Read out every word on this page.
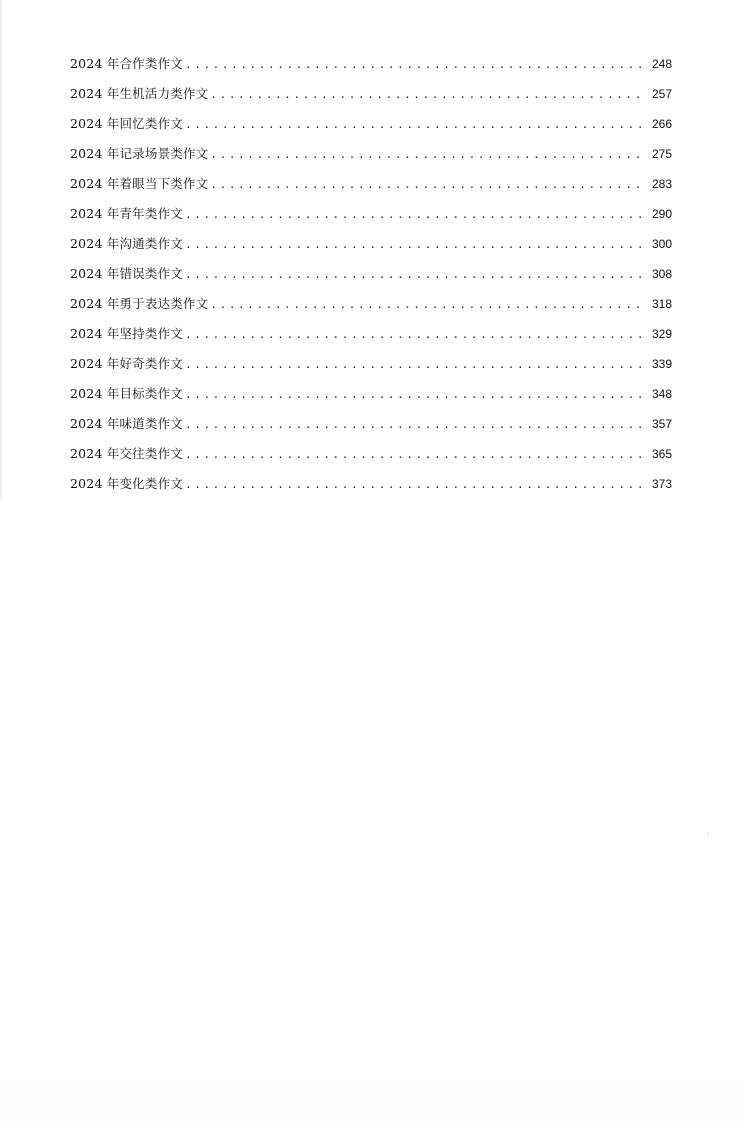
2024 年合作类作文 .....	248
2024 年生机活力类作文 .....	257
2024 年回忆类作文 .....	266
2024 年记录场景类作文 .....	275
2024 年着眼当下类作文 .....	283
2024 年青年类作文 .....	290
2024 年沟通类作文 .....	300
2024 年错误类作文 .....	308
2024 年勇于表达类作文 .....	318
2024 年坚持类作文 .....	329
2024 年好奇类作文 .....	339
2024 年目标类作文 .....	348
2024 年味道类作文 .....	357
2024 年交往类作文 .....	365
2024 年变化类作文 .....	373
